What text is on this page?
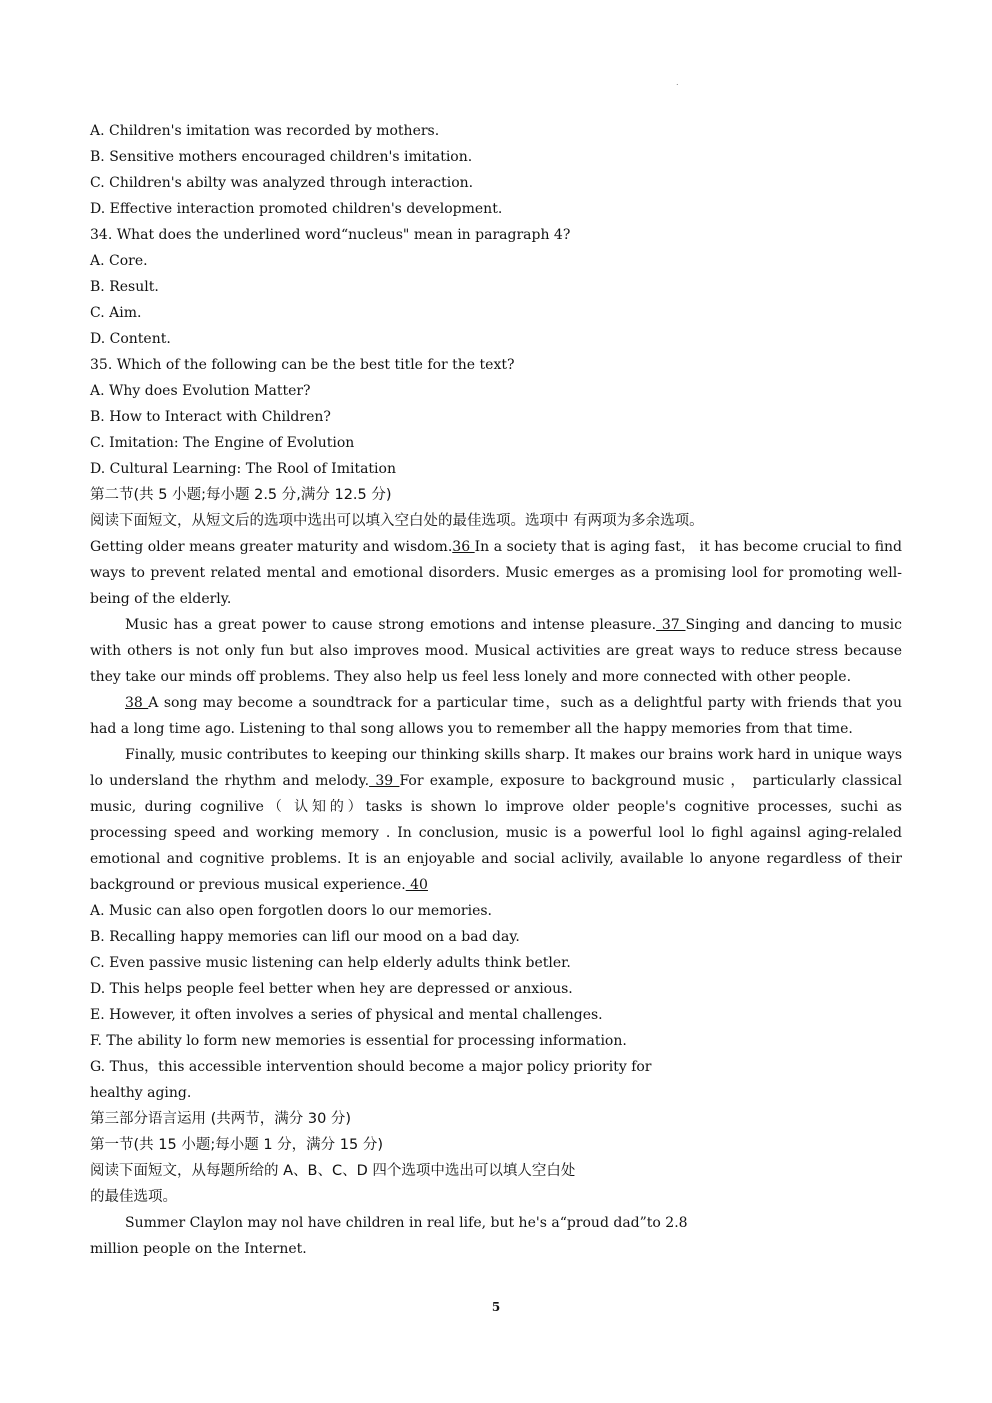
.
A. Children's imitation was recorded by mothers.
B. Sensitive mothers encouraged children's imitation.
C. Children's abilty was analyzed through interaction.
D. Effective interaction promoted children's development.
34. What does the underlined word“nucleus" mean in paragraph 4?
A. Core.
B. Result.
C. Aim.
D. Content.
35. Which of the following can be the best title for the text?
A. Why does Evolution Matter?
B. How to Interact with Children?
C. Imitation: The Engine of Evolution
D. Cultural Learning: The Rool of Imitation
第二节(共 5 小题;每小题 2.5 分,满分 12.5 分)
阅读下面短文，从短文后的选项中选出可以填入空白处的最佳选项。选项中 有两项为多余选项。
Getting older means greater maturity and wisdom.36 In a society that is aging fast， it has become crucial to find ways to prevent related mental and emotional disorders. Music emerges as a promising lool for promoting well-being of the elderly.
Music has a great power to cause strong emotions and intense pleasure. 37 Singing and dancing to music with others is not only fun but also improves mood. Musical activities are great ways to reduce stress because they take our minds off problems. They also help us feel less lonely and more connected with other people.
38 A song may become a soundtrack for a particular time，such as a delightful party with friends that you had a long time ago. Listening to thal song allows you to remember all the happy memories from that time.
Finally, music contributes to keeping our thinking skills sharp. It makes our brains work hard in unique ways lo undersland the rhythm and melody. 39 For example, exposure to background music ， particularly classical music, during cognilive（ 认知的）tasks is shown lo improve older people's cognitive processes, suchi as processing speed and working memory . In conclusion, music is a powerful lool lo fighl againsl aging-relaled emotional and cognitive problems. It is an enjoyable and social aclivily, available lo anyone regardless of their background or previous musical experience. 40
A. Music can also open forgotlen doors lo our memories.
B. Recalling happy memories can lifl our mood on a bad day.
C. Even passive music listening can help elderly adults think betler.
D. This helps people feel better when hey are depressed or anxious.
E. However, it often involves a series of physical and mental challenges.
F. The ability lo form new memories is essential for processing information.
G. Thus，this accessible intervention should become a major policy priority for
healthy aging.
第三部分语言运用 (共两节，满分 30 分)
第一节(共 15 小题;每小题 1 分，满分 15 分)
阅读下面短文，从每题所给的 A、B、C、D 四个选项中选出可以填人空白处
的最佳选项。
Summer Claylon may nol have children in real life, but he's a“proud dad”to 2.8
million people on the Internet.
5
